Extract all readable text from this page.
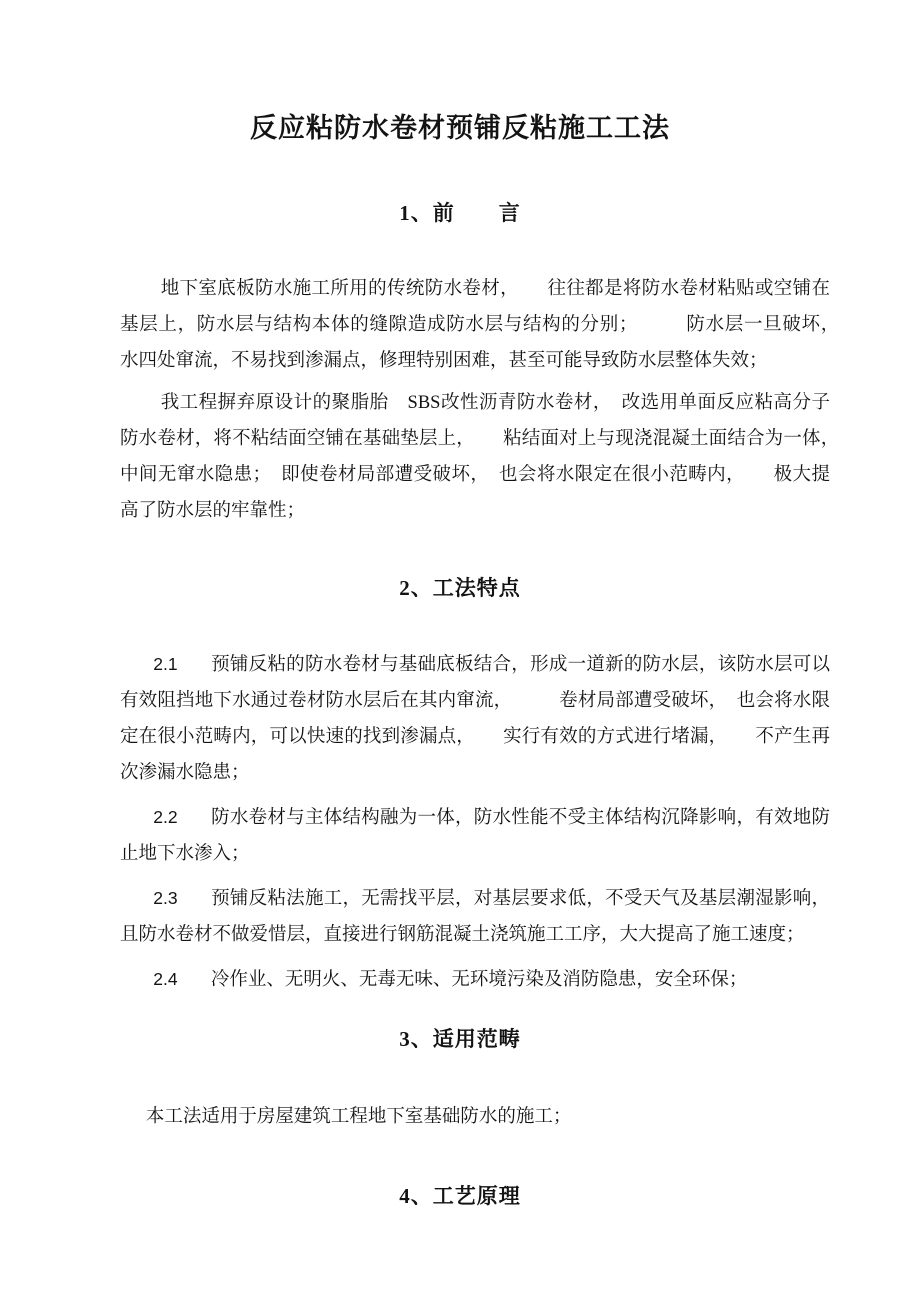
反应粘防水卷材预铺反粘施工工法
1、前　　言

地下室底板防水施工所用的传统防水卷材，　　往往都是将防水卷材粘贴或空铺在基层上，防水层与结构本体的缝隙造成防水层与结构的分别；　　　防水层一旦破坏，　水四处窜流，不易找到渗漏点，修理特别困难，甚至可能导致防水层整体失效；

我工程摒弃原设计的聚脂胎　SBS改性沥青防水卷材，　改选用单面反应粘高分子防水卷材，将不粘结面空铺在基础垫层上，　　粘结面对上与现浇混凝土面结合为一体，　　中间无窜水隐患；　即使卷材局部遭受破坏，　也会将水限定在很小范畴内，　　极大提高了防水层的牢靠性；

2、工法特点

2.1 预铺反粘的防水卷材与基础底板结合，形成一道新的防水层，该防水层可以有效阻挡地下水通过卷材防水层后在其内窜流，　　　卷材局部遭受破坏，　也会将水限定在很小范畴内，可以快速的找到渗漏点，　　实行有效的方式进行堵漏，　　不产生再次渗漏水隐患；

2.2 防水卷材与主体结构融为一体，防水性能不受主体结构沉降影响，有效地防止地下水渗入；

2.3 预铺反粘法施工，无需找平层，对基层要求低，不受天气及基层潮湿影响，且防水卷材不做爱惜层，直接进行钢筋混凝土浇筑施工工序，大大提高了施工速度；

2.4 冷作业、无明火、无毒无味、无环境污染及消防隐患，安全环保；

3、适用范畴

本工法适用于房屋建筑工程地下室基础防水的施工；

4、工艺原理
